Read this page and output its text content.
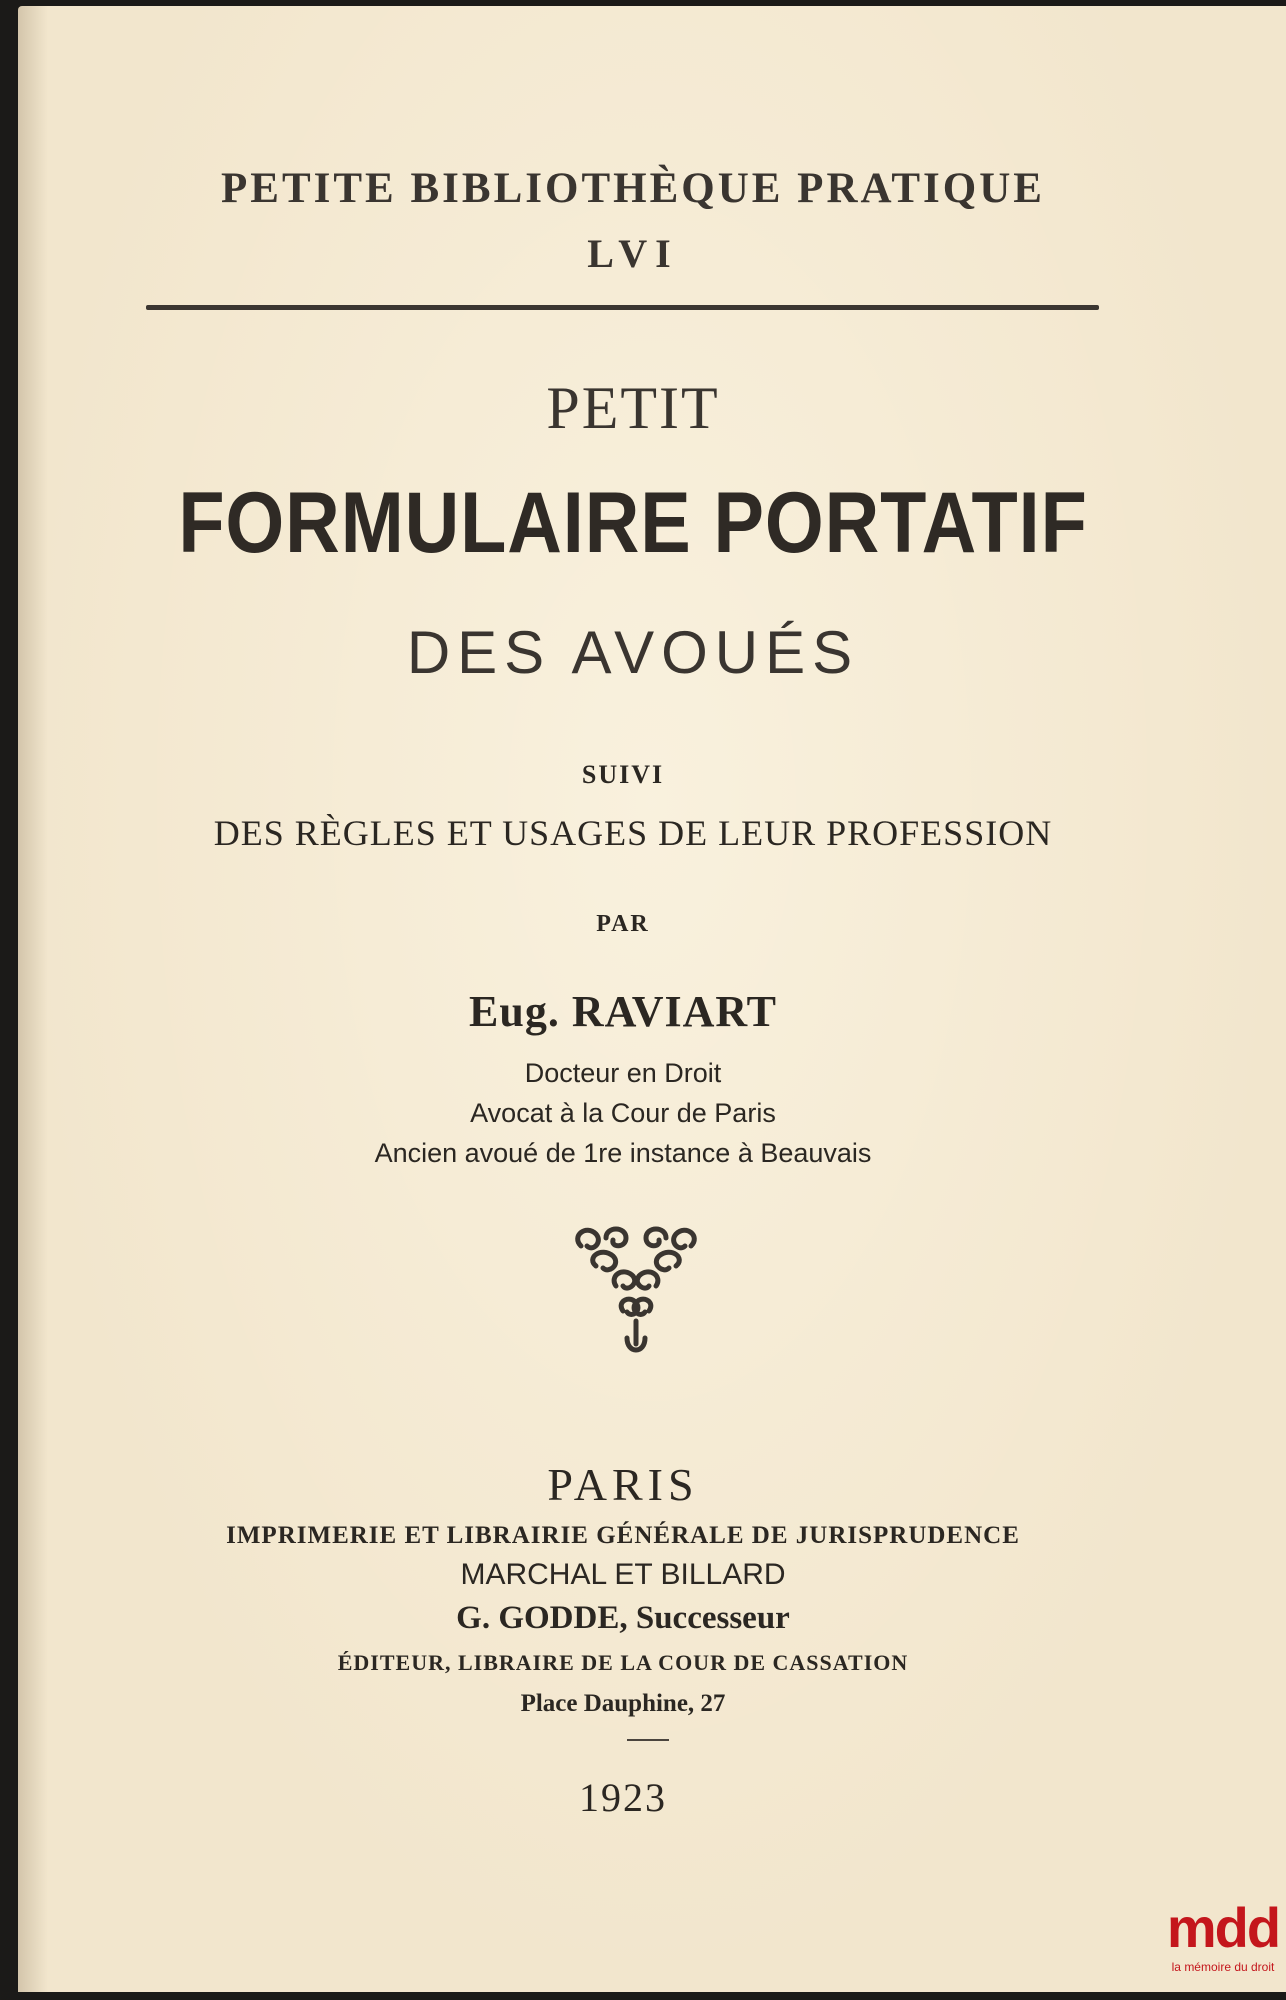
PETITE BIBLIOTHÈQUE PRATIQUE
LVI
PETIT
FORMULAIRE PORTATIF
DES AVOUÉS
SUIVI
DES RÈGLES ET USAGES DE LEUR PROFESSION
PAR
Eug. RAVIART
Docteur en Droit
Avocat à la Cour de Paris
Ancien avoué de 1re instance à Beauvais
PARIS
IMPRIMERIE ET LIBRAIRIE GÉNÉRALE DE JURISPRUDENCE
MARCHAL ET BILLARD
G. GODDE, Successeur
ÉDITEUR, LIBRAIRE DE LA COUR DE CASSATION
Place Dauphine, 27
1923
mdd
la mémoire du droit
